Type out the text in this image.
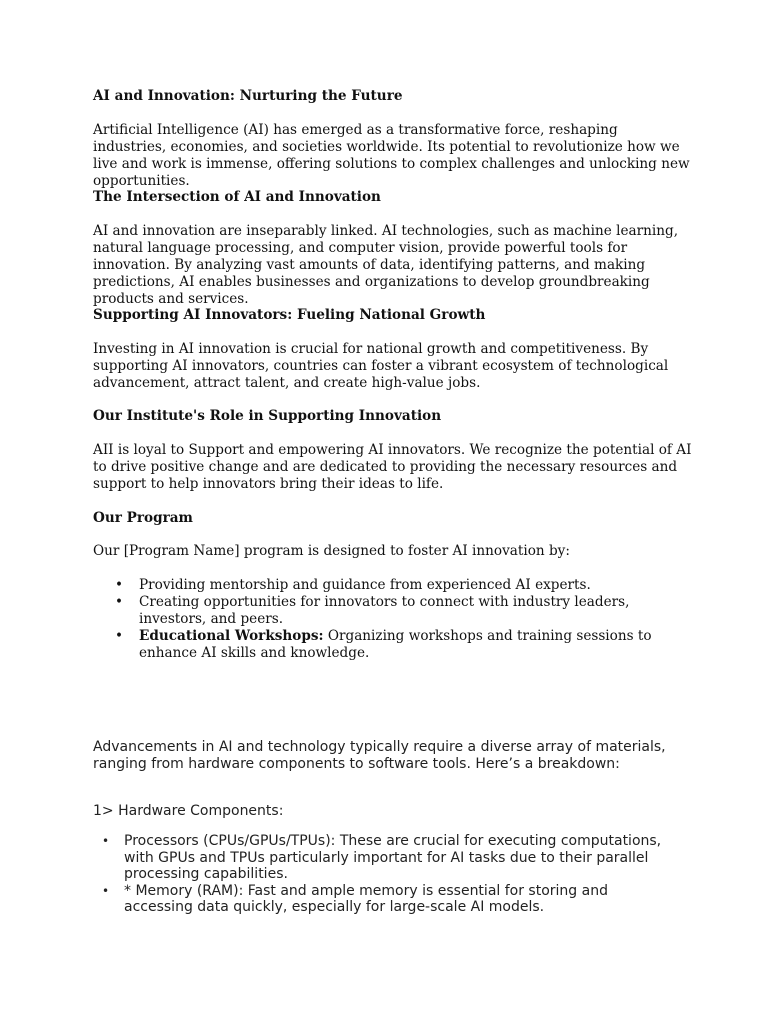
AI and Innovation: Nurturing the Future

Artificial Intelligence (AI) has emerged as a transformative force, reshaping industries, economies, and societies worldwide. Its potential to revolutionize how we live and work is immense, offering solutions to complex challenges and unlocking new opportunities.

The Intersection of AI and Innovation

AI and innovation are inseparably linked. AI technologies, such as machine learning, natural language processing, and computer vision, provide powerful tools for innovation. By analyzing vast amounts of data, identifying patterns, and making predictions, AI enables businesses and organizations to develop groundbreaking products and services.

Supporting AI Innovators: Fueling National Growth

Investing in AI innovation is crucial for national growth and competitiveness. By supporting AI innovators, countries can foster a vibrant ecosystem of technological advancement, attract talent, and create high-value jobs.

Our Institute's Role in Supporting Innovation

AII is loyal to Support and empowering AI innovators. We recognize the potential of AI to drive positive change and are dedicated to providing the necessary resources and support to help innovators bring their ideas to life.

Our Program

Our [Program Name] program is designed to foster AI innovation by:

• Providing mentorship and guidance from experienced AI experts.
• Creating opportunities for innovators to connect with industry leaders, investors, and peers.
• Educational Workshops: Organizing workshops and training sessions to enhance AI skills and knowledge.

Advancements in AI and technology typically require a diverse array of materials, ranging from hardware components to software tools. Here’s a breakdown:

1> Hardware Components:

• Processors (CPUs/GPUs/TPUs): These are crucial for executing computations, with GPUs and TPUs particularly important for AI tasks due to their parallel processing capabilities.
• * Memory (RAM): Fast and ample memory is essential for storing and accessing data quickly, especially for large-scale AI models.
